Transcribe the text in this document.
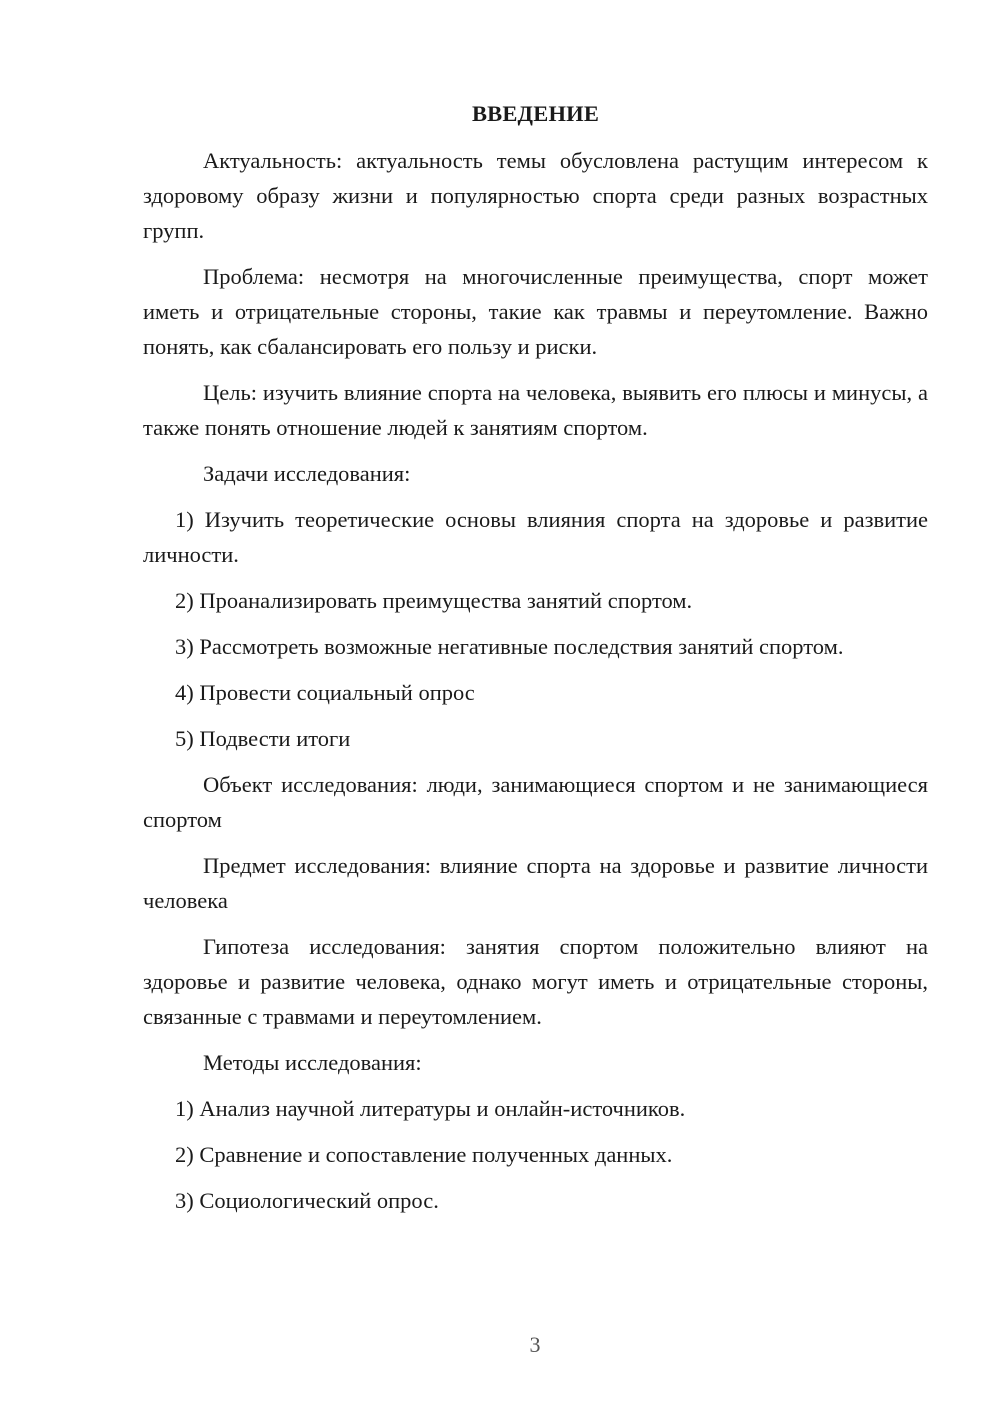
ВВЕДЕНИЕ

Актуальность: актуальность темы обусловлена растущим интересом к здоровому образу жизни и популярностью спорта среди разных возрастных групп.

Проблема: несмотря на многочисленные преимущества, спорт может иметь и отрицательные стороны, такие как травмы и переутомление. Важно понять, как сбалансировать его пользу и риски.

Цель: изучить влияние спорта на человека, выявить его плюсы и минусы, а также понять отношение людей к занятиям спортом.

Задачи исследования:

1) Изучить теоретические основы влияния спорта на здоровье и развитие личности.

2) Проанализировать преимущества занятий спортом.

3) Рассмотреть возможные негативные последствия занятий спортом.

4) Провести социальный опрос

5) Подвести итоги

Объект исследования: люди, занимающиеся спортом и не занимающиеся спортом

Предмет исследования: влияние спорта на здоровье и развитие личности человека

Гипотеза исследования: занятия спортом положительно влияют на здоровье и развитие человека, однако могут иметь и отрицательные стороны, связанные с травмами и переутомлением.

Методы исследования:

1) Анализ научной литературы и онлайн-источников.

2) Сравнение и сопоставление полученных данных.

3) Социологический опрос.

3
